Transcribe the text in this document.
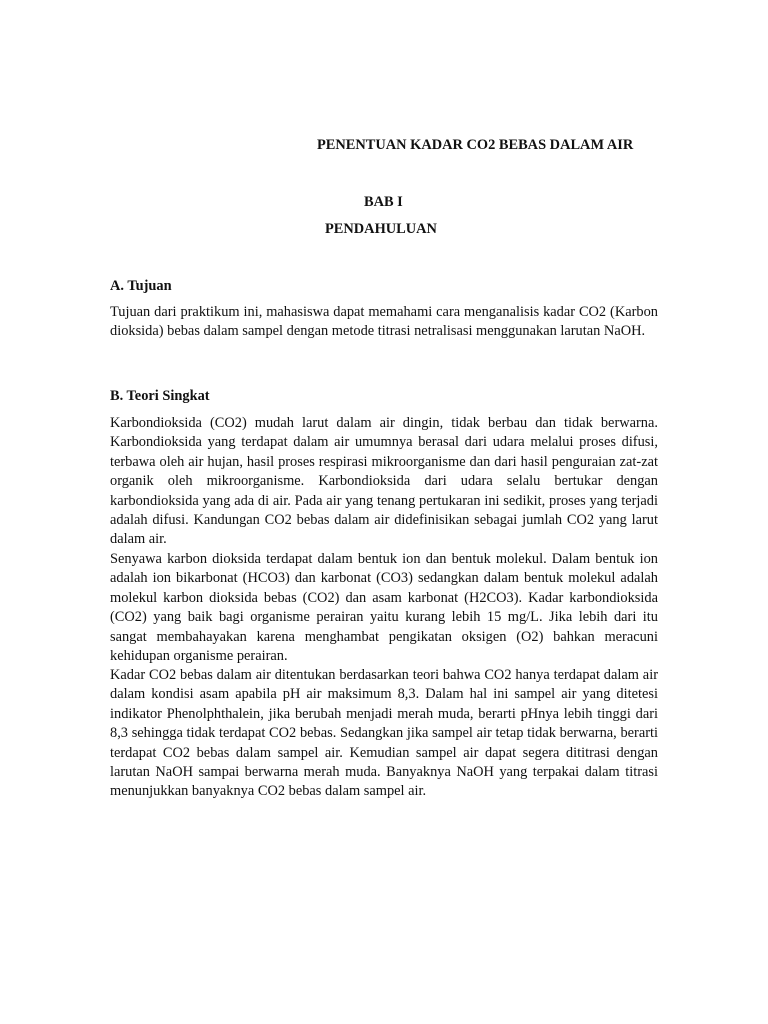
PENENTUAN KADAR CO2 BEBAS DALAM AIR
BAB I
PENDAHULUAN
A. Tujuan

Tujuan dari praktikum ini, mahasiswa dapat memahami cara menganalisis kadar CO2 (Karbon dioksida) bebas dalam sampel dengan metode titrasi netralisasi menggunakan larutan NaOH.

B. Teori Singkat

Karbondioksida (CO2) mudah larut dalam air dingin, tidak berbau dan tidak berwarna. Karbondioksida yang terdapat dalam air umumnya berasal dari udara melalui proses difusi, terbawa oleh air hujan, hasil proses respirasi mikroorganisme dan dari hasil penguraian zat-zat organik oleh mikroorganisme. Karbondioksida dari udara selalu bertukar dengan karbondioksida yang ada di air. Pada air yang tenang pertukaran ini sedikit, proses yang terjadi adalah difusi. Kandungan CO2 bebas dalam air didefinisikan sebagai jumlah CO2 yang larut dalam air.

Senyawa karbon dioksida terdapat dalam bentuk ion dan bentuk molekul. Dalam bentuk ion adalah ion bikarbonat (HCO3) dan karbonat (CO3) sedangkan dalam bentuk molekul adalah molekul karbon dioksida bebas (CO2) dan asam karbonat (H2CO3). Kadar karbondioksida (CO2) yang baik bagi organisme perairan yaitu kurang lebih 15 mg/L. Jika lebih dari itu sangat membahayakan karena menghambat pengikatan oksigen (O2) bahkan meracuni kehidupan organisme perairan.

Kadar CO2 bebas dalam air ditentukan berdasarkan teori bahwa CO2 hanya terdapat dalam air dalam kondisi asam apabila pH air maksimum 8,3. Dalam hal ini sampel air yang ditetesi indikator Phenolphthalein, jika berubah menjadi merah muda, berarti pHnya lebih tinggi dari 8,3 sehingga tidak terdapat CO2 bebas. Sedangkan jika sampel air tetap tidak berwarna, berarti terdapat CO2 bebas dalam sampel air. Kemudian sampel air dapat segera dititrasi dengan larutan NaOH sampai berwarna merah muda. Banyaknya NaOH yang terpakai dalam titrasi menunjukkan banyaknya CO2 bebas dalam sampel air.
